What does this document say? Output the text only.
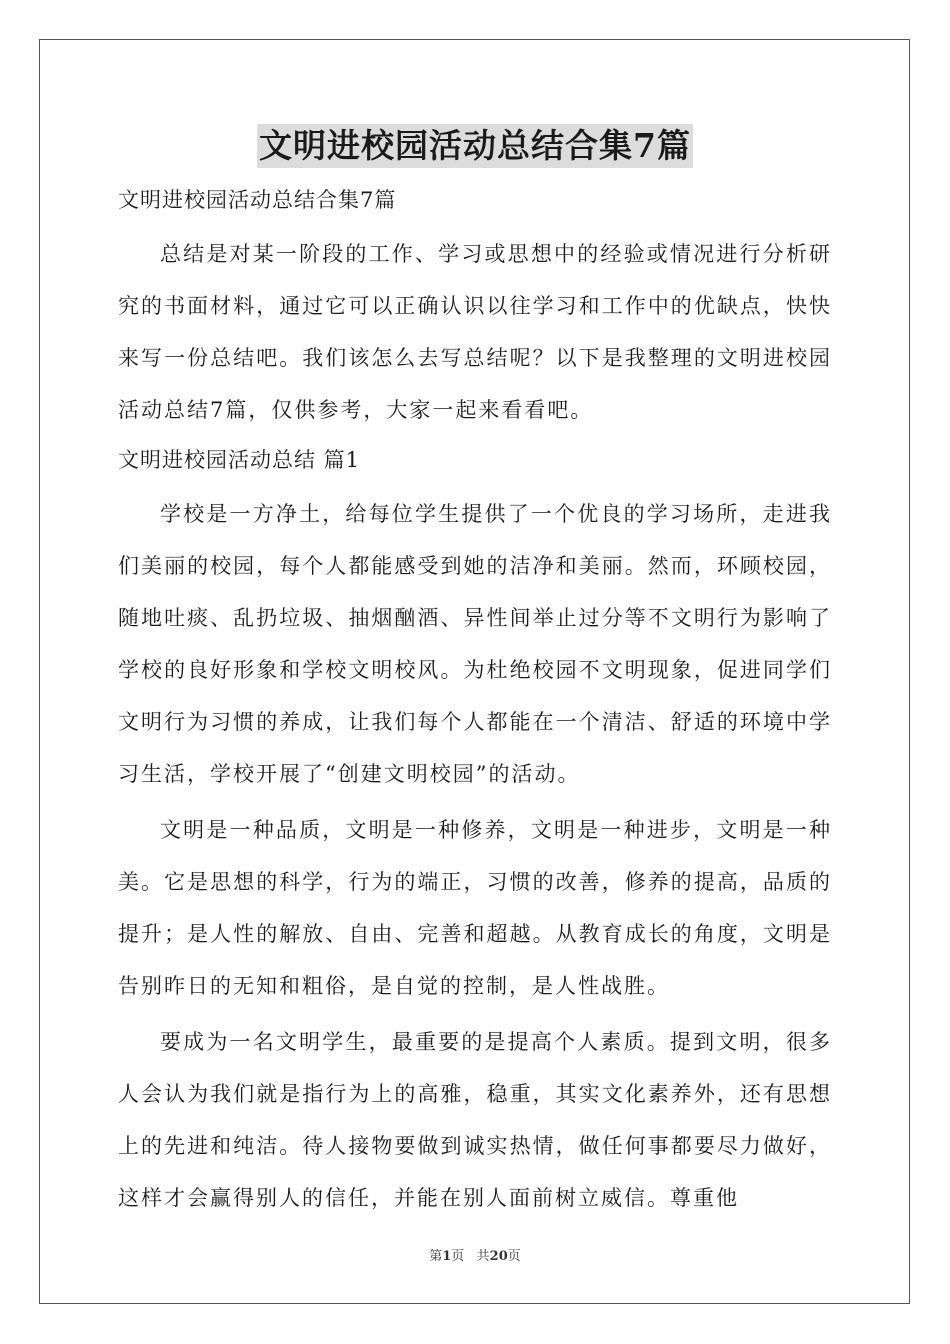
文明进校园活动总结合集7篇

文明进校园活动总结合集7篇

总结是对某一阶段的工作、学习或思想中的经验或情况进行分析研究的书面材料，通过它可以正确认识以往学习和工作中的优缺点，快快来写一份总结吧。我们该怎么去写总结呢？以下是我整理的文明进校园活动总结7篇，仅供参考，大家一起来看看吧。

文明进校园活动总结 篇1

学校是一方净土，给每位学生提供了一个优良的学习场所，走进我们美丽的校园，每个人都能感受到她的洁净和美丽。然而，环顾校园，随地吐痰、乱扔垃圾、抽烟酗酒、异性间举止过分等不文明行为影响了学校的良好形象和学校文明校风。为杜绝校园不文明现象，促进同学们文明行为习惯的养成，让我们每个人都能在一个清洁、舒适的环境中学习生活，学校开展了“创建文明校园”的活动。

文明是一种品质，文明是一种修养，文明是一种进步，文明是一种美。它是思想的科学，行为的端正，习惯的改善，修养的提高，品质的提升；是人性的解放、自由、完善和超越。从教育成长的角度，文明是告别昨日的无知和粗俗，是自觉的控制，是人性战胜。

要成为一名文明学生，最重要的是提高个人素质。提到文明，很多人会认为我们就是指行为上的高雅，稳重，其实文化素养外，还有思想上的先进和纯洁。待人接物要做到诚实热情，做任何事都要尽力做好，这样才会赢得别人的信任，并能在别人面前树立威信。尊重他

第1页   共20页
